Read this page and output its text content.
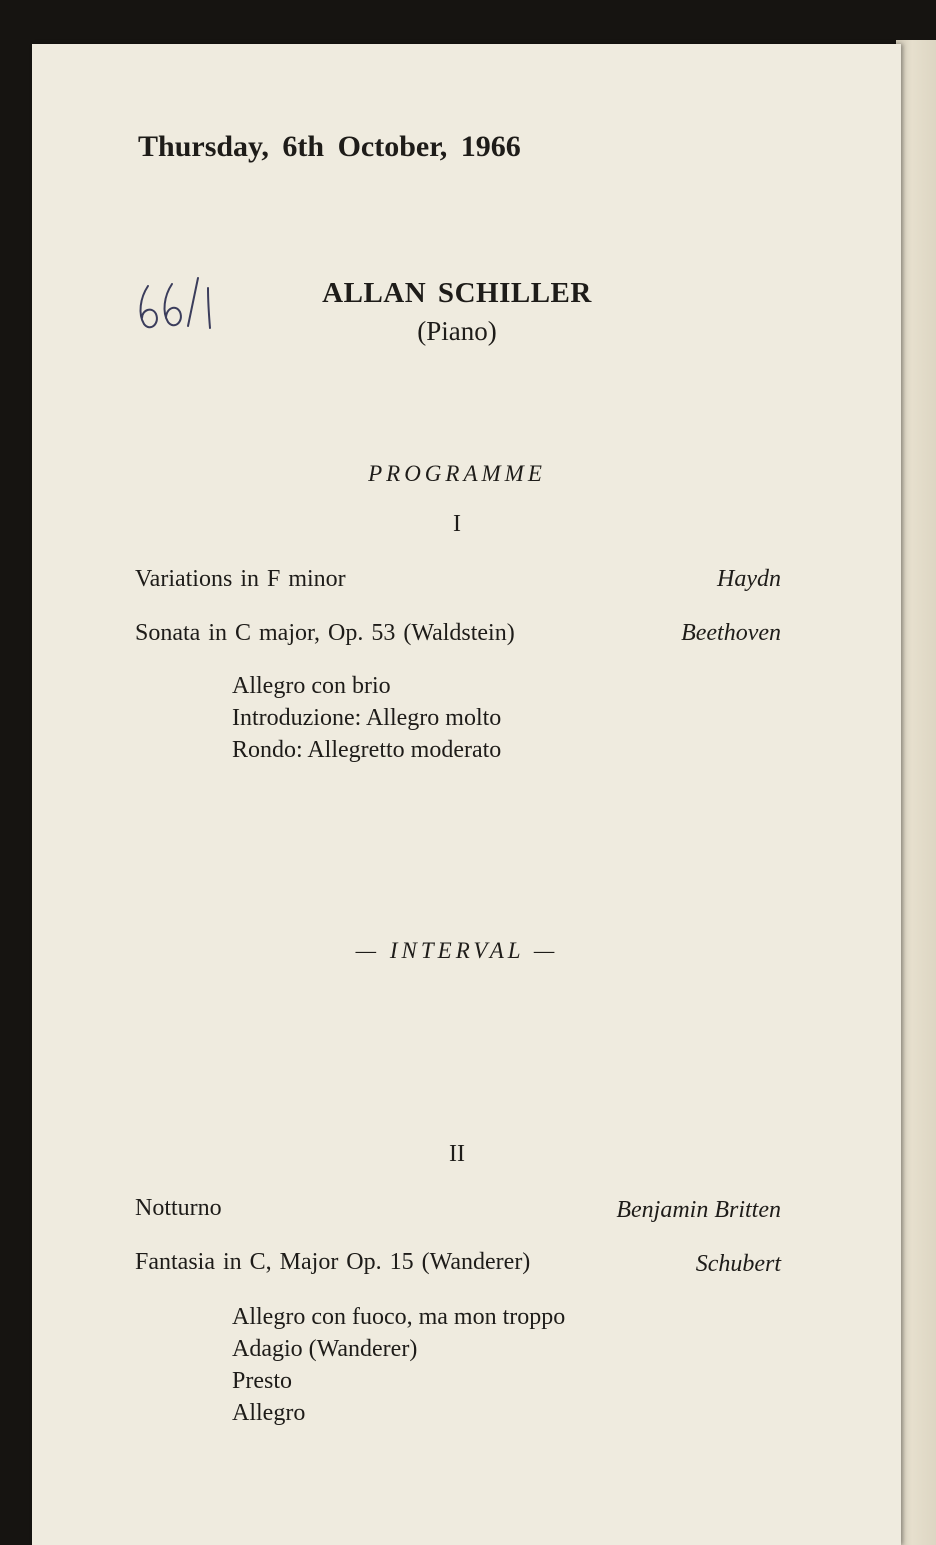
Thursday, 6th October, 1966
ALLAN SCHILLER
(Piano)
PROGRAMME
I
Variations in F minor	Haydn
Sonata in C major, Op. 53 (Waldstein)	Beethoven
Allegro con brio
Introduzione: Allegro molto
Rondo: Allegretto moderato
— INTERVAL —
II
Notturno	Benjamin Britten
Fantasia in C, Major Op. 15 (Wanderer)	Schubert
Allegro con fuoco, ma mon troppo
Adagio (Wanderer)
Presto
Allegro
